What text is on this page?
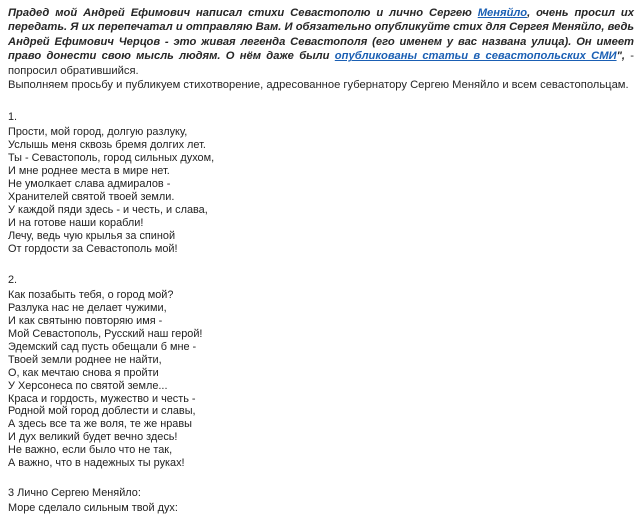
Прадед мой Андрей Ефимович написал стихи Севастополю и лично Сергею Меняйло, очень просил их передать. Я их перепечатал и отправляю Вам. И обязательно опубликуйте стих для Сергея Меняйло, ведь Андрей Ефимович Черцов - это живая легенда Севастополя (его именем у вас названа улица). Он имеет право донести свою мысль людям. О нём даже были опубликованы статьи в севастопольских СМИ", - попросил обратившийся.
Выполняем просьбу и публикуем стихотворение, адресованное губернатору Сергею Меняйло и всем севастопольцам.
1.
Прости, мой город, долгую разлуку,
Услышь меня сквозь бремя долгих лет.
Ты - Севастополь, город сильных духом,
И мне роднее места в мире нет.
Не умолкает слава адмиралов -
Хранителей святой твоей земли.
У каждой пяди здесь - и честь, и слава,
И на готове наши корабли!
Лечу, ведь чую крылья за спиной
От гордости за Севастополь мой!
2.
Как позабыть тебя, о город мой?
Разлука нас не делает чужими,
И как святыню повторяю имя -
Мой Севастополь, Русский наш герой!
Эдемский сад пусть обещали б мне -
Твоей земли роднее не найти,
О, как мечтаю снова я пройти
У Херсонеса по святой земле...
Краса и гордость, мужество и честь -
Родной мой город доблести и славы,
А здесь все та же воля, те же нравы
И дух великий будет вечно здесь!
Не важно, если было что не так,
А важно, что в надежных ты руках!
3 Лично Сергею Меняйло:
Море сделало сильным твой дух:
